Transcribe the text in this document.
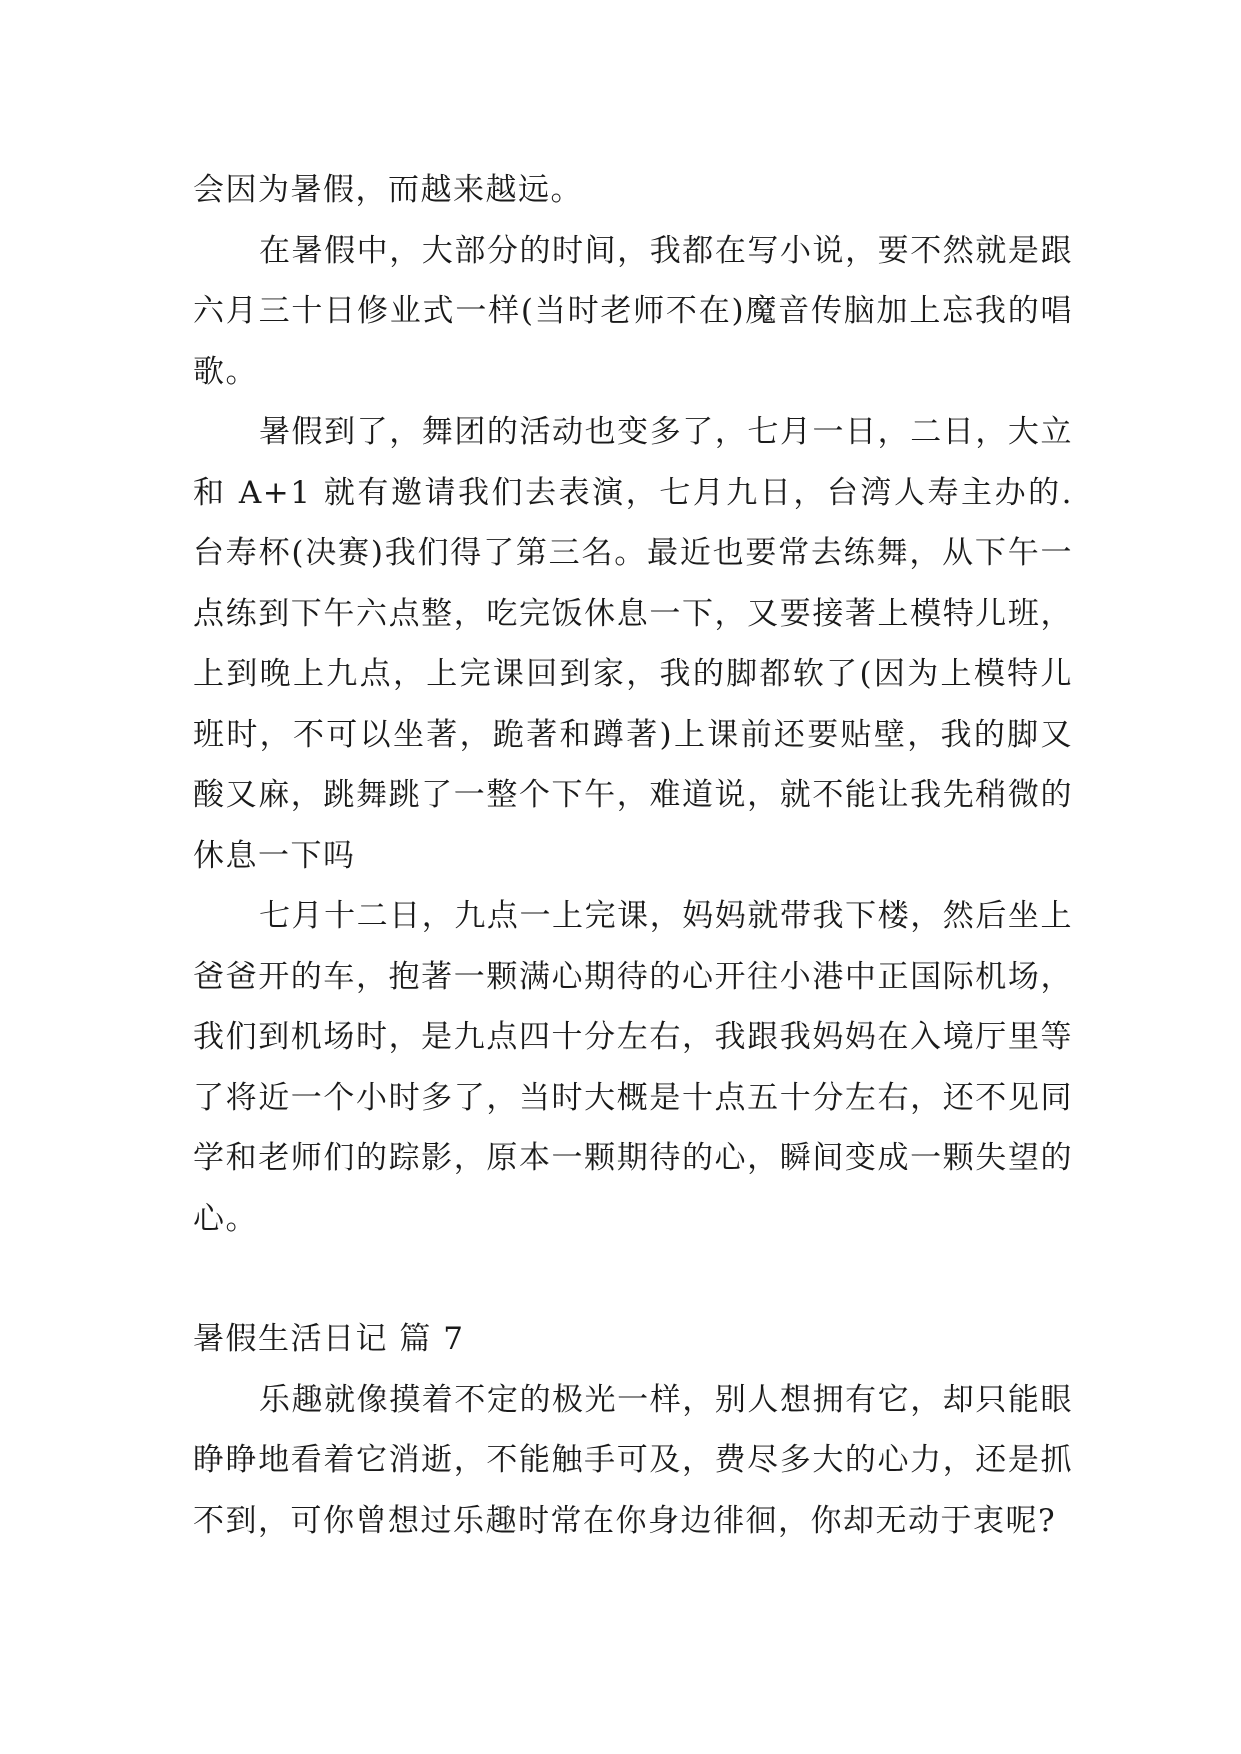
会因为暑假，而越来越远。

在暑假中，大部分的时间，我都在写小说，要不然就是跟六月三十日修业式一样(当时老师不在)魔音传脑加上忘我的唱歌。

暑假到了，舞团的活动也变多了，七月一日，二日，大立和 A+1 就有邀请我们去表演，七月九日，台湾人寿主办的.台寿杯(决赛)我们得了第三名。最近也要常去练舞，从下午一点练到下午六点整，吃完饭休息一下，又要接著上模特儿班，上到晚上九点，上完课回到家，我的脚都软了(因为上模特儿班时，不可以坐著，跪著和蹲著)上课前还要贴壁，我的脚又酸又麻，跳舞跳了一整个下午，难道说，就不能让我先稍微的休息一下吗

七月十二日，九点一上完课，妈妈就带我下楼，然后坐上爸爸开的车，抱著一颗满心期待的心开往小港中正国际机场，我们到机场时，是九点四十分左右，我跟我妈妈在入境厅里等了将近一个小时多了，当时大概是十点五十分左右，还不见同学和老师们的踪影，原本一颗期待的心，瞬间变成一颗失望的心。

暑假生活日记 篇 7

乐趣就像摸着不定的极光一样，别人想拥有它，却只能眼睁睁地看着它消逝，不能触手可及，费尽多大的心力，还是抓不到，可你曾想过乐趣时常在你身边徘徊，你却无动于衷呢?
